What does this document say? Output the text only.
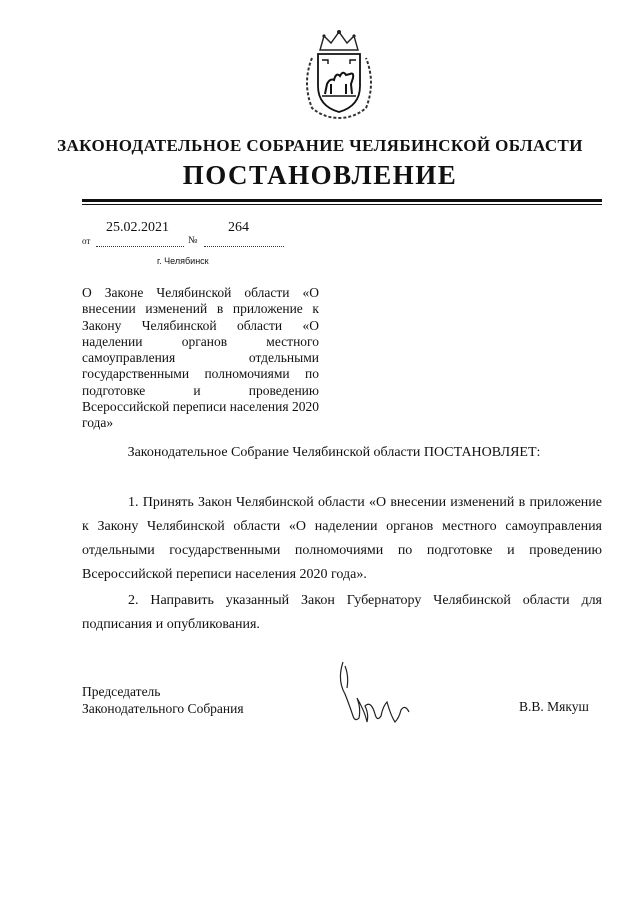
ЗАКОНОДАТЕЛЬНОЕ СОБРАНИЕ ЧЕЛЯБИНСКОЙ ОБЛАСТИ
ПОСТАНОВЛЕНИЕ
25.02.2021	264
от	№
г. Челябинск
О Законе Челябинской области «О внесении изменений в приложение к Закону Челябинской области «О наделении органов местного самоуправления отдельными государственными полномочиями по подготовке и проведению Всероссийской переписи населения 2020 года»
Законодательное Собрание Челябинской области ПОСТАНОВЛЯЕТ:
1. Принять Закон Челябинской области «О внесении изменений в приложение к Закону Челябинской области «О наделении органов местного самоуправления отдельными государственными полномочиями по подготовке и проведению Всероссийской переписи населения 2020 года».
2. Направить указанный Закон Губернатору Челябинской области для подписания и опубликования.
Председатель
Законодательного Собрания	В.В. Мякуш
